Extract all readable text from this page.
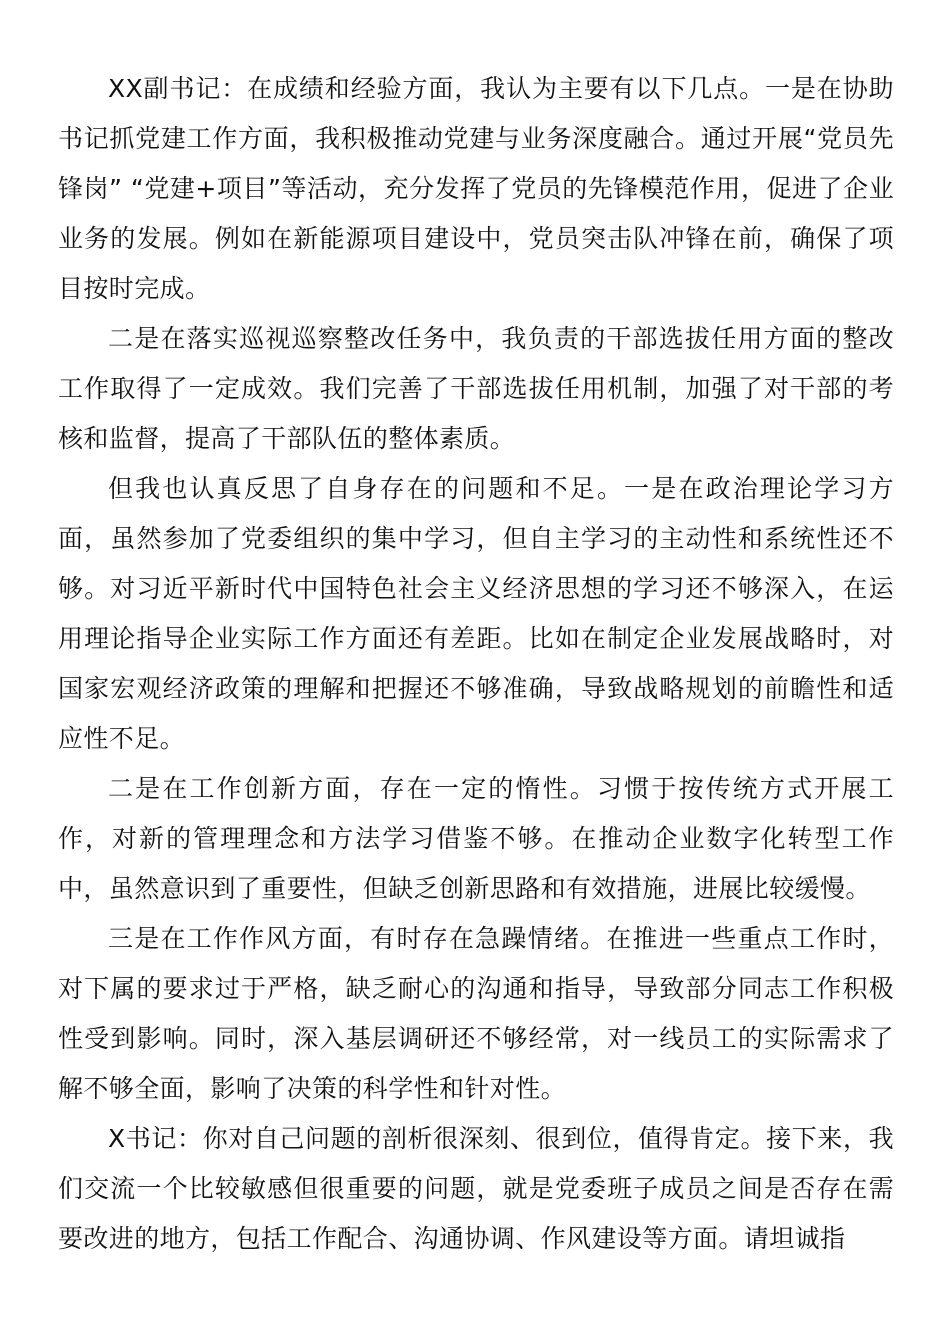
XX副书记：在成绩和经验方面，我认为主要有以下几点。一是在协助书记抓党建工作方面，我积极推动党建与业务深度融合。通过开展“党员先锋岗” “党建+项目”等活动，充分发挥了党员的先锋模范作用，促进了企业业务的发展。例如在新能源项目建设中，党员突击队冲锋在前，确保了项目按时完成。

二是在落实巡视巡察整改任务中，我负责的干部选拔任用方面的整改工作取得了一定成效。我们完善了干部选拔任用机制，加强了对干部的考核和监督，提高了干部队伍的整体素质。

但我也认真反思了自身存在的问题和不足。一是在政治理论学习方面，虽然参加了党委组织的集中学习，但自主学习的主动性和系统性还不够。对习近平新时代中国特色社会主义经济思想的学习还不够深入，在运用理论指导企业实际工作方面还有差距。比如在制定企业发展战略时，对国家宏观经济政策的理解和把握还不够准确，导致战略规划的前瞻性和适应性不足。

二是在工作创新方面，存在一定的惰性。习惯于按传统方式开展工作，对新的管理理念和方法学习借鉴不够。在推动企业数字化转型工作中，虽然意识到了重要性，但缺乏创新思路和有效措施，进展比较缓慢。

三是在工作作风方面，有时存在急躁情绪。在推进一些重点工作时，对下属的要求过于严格，缺乏耐心的沟通和指导，导致部分同志工作积极性受到影响。同时，深入基层调研还不够经常，对一线员工的实际需求了解不够全面，影响了决策的科学性和针对性。

X书记：你对自己问题的剖析很深刻、很到位，值得肯定。接下来，我们交流一个比较敏感但很重要的问题，就是党委班子成员之间是否存在需要改进的地方，包括工作配合、沟通协调、作风建设等方面。请坦诚指
